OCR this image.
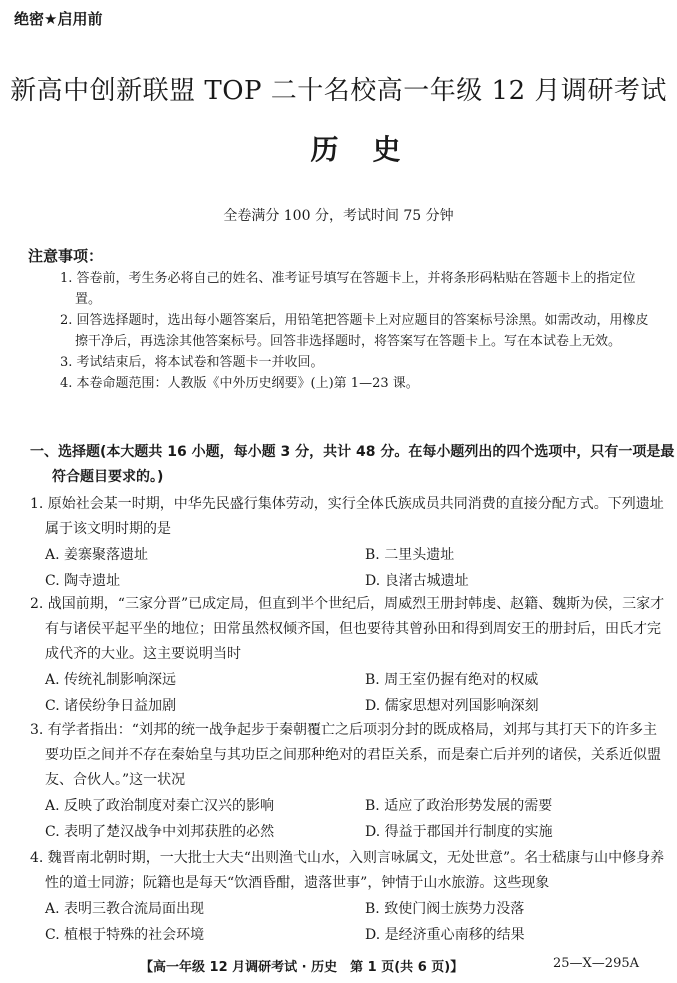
绝密★启用前
新高中创新联盟 TOP 二十名校高一年级 12 月调研考试
历史
全卷满分 100 分，考试时间 75 分钟
注意事项：

1. 答卷前，考生务必将自己的姓名、准考证号填写在答题卡上，并将条形码粘贴在答题卡上的指定位置。

2. 回答选择题时，选出每小题答案后，用铅笔把答题卡上对应题目的答案标号涂黑。如需改动，用橡皮擦干净后，再选涂其他答案标号。回答非选择题时，将答案写在答题卡上。写在本试卷上无效。

3. 考试结束后，将本试卷和答题卡一并收回。

4. 本卷命题范围：人教版《中外历史纲要》(上)第 1—23 课。

一、选择题(本大题共 16 小题，每小题 3 分，共计 48 分。在每小题列出的四个选项中，只有一项是最符合题目要求的。)

1. 原始社会某一时期，中华先民盛行集体劳动，实行全体氏族成员共同消费的直接分配方式。下列遗址属于该文明时期的是

A. 姜寨聚落遗址	B. 二里头遗址
C. 陶寺遗址	D. 良渚古城遗址

2. 战国前期，“三家分晋”已成定局，但直到半个世纪后，周威烈王册封韩虔、赵籍、魏斯为侯，三家才有与诸侯平起平坐的地位；田常虽然权倾齐国，但也要待其曾孙田和得到周安王的册封后，田氏才完成代齐的大业。这主要说明当时

A. 传统礼制影响深远	B. 周王室仍握有绝对的权威
C. 诸侯纷争日益加剧	D. 儒家思想对列国影响深刻

3. 有学者指出：“刘邦的统一战争起步于秦朝覆亡之后项羽分封的既成格局，刘邦与其打天下的许多主要功臣之间并不存在秦始皇与其功臣之间那种绝对的君臣关系，而是秦亡后并列的诸侯，关系近似盟友、合伙人。”这一状况

A. 反映了政治制度对秦亡汉兴的影响	B. 适应了政治形势发展的需要
C. 表明了楚汉战争中刘邦获胜的必然	D. 得益于郡国并行制度的实施

4. 魏晋南北朝时期，一大批士大夫“出则渔弋山水，入则言咏属文，无处世意”。名士嵇康与山中修身养性的道士同游；阮籍也是每天“饮酒昏酣，遗落世事”，钟情于山水旅游。这些现象

A. 表明三教合流局面出现	B. 致使门阀士族势力没落
C. 植根于特殊的社会环境	D. 是经济重心南移的结果
【高一年级 12 月调研考试 · 历史　第 1 页(共 6 页)】	25—X—295A
